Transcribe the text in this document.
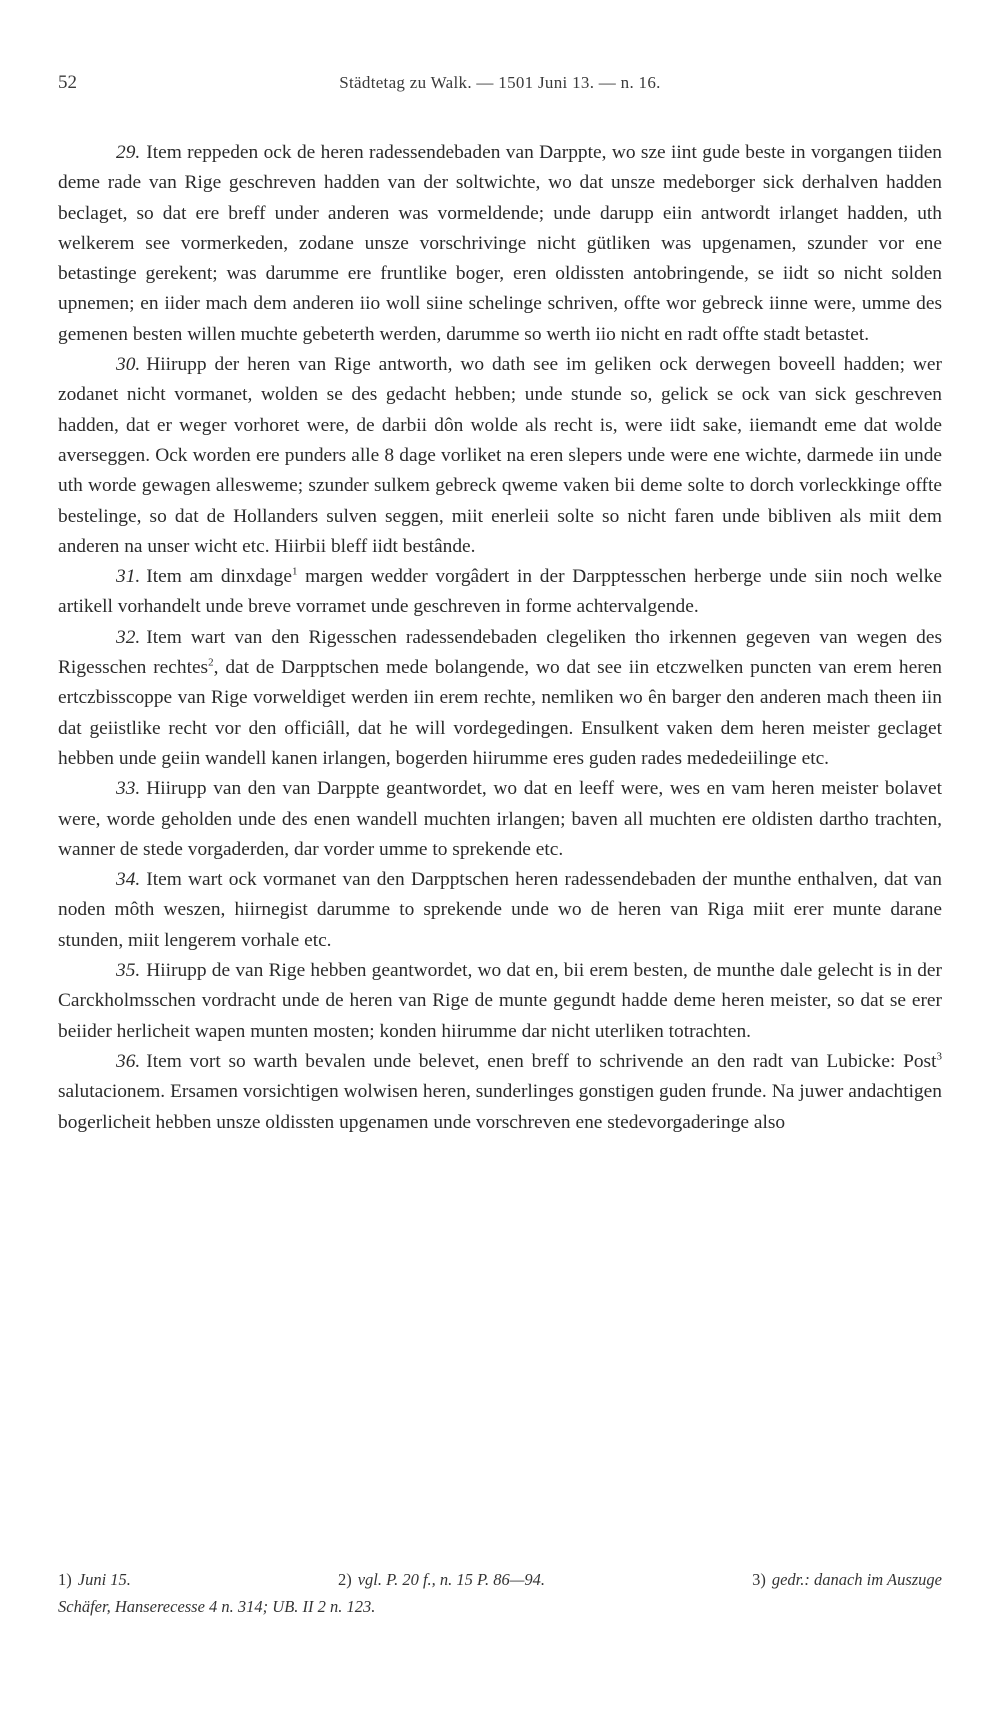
52	Städtetag zu Walk. — 1501 Juni 13. — n. 16.

29. Item reppeden ock de heren radessendebaden van Darppte, wo sze iint gude beste in vorgangen tiiden deme rade van Rige geschreven hadden van der soltwichte, wo dat unsze medeborger sick derhalven hadden beclaget, so dat ere breff under anderen was vormeldende; unde darupp eiin antwordt irlanget hadden, uth welkerem see vormerkeden, zodane unsze vorschrivinge nicht gütliken was upgenamen, szunder vor ene betastinge gerekent; was darumme ere fruntlike boger, eren oldissten antobringende, se iidt so nicht solden upnemen; en iider mach dem anderen iio woll siine schelinge schriven, offte wor gebreck iinne were, umme des gemenen besten willen muchte gebeterth werden, darumme so werth iio nicht en radt offte stadt betastet.

30. Hiirupp der heren van Rige antworth, wo dath see im geliken ock derwegen boveell hadden; wer zodanet nicht vormanet, wolden se des gedacht hebben; unde stunde so, gelick se ock van sick geschreven hadden, dat er weger vorhoret were, de darbii dôn wolde als recht is, were iidt sake, iiemandt eme dat wolde averseggen. Ock worden ere punders alle 8 dage vorliket na eren slepers unde were ene wichte, darmede iin unde uth worde gewagen allesweme; szunder sulkem gebreck qweme vaken bii deme solte to dorch vorleckkinge offte bestelinge, so dat de Hollanders sulven seggen, miit enerleii solte so nicht faren unde bibliven als miit dem anderen na unser wicht etc. Hiirbii bleff iidt bestânde.

31. Item am dinxdage$^1$ margen wedder vorgâdert in der Darpptesschen herberge unde siin noch welke artikell vorhandelt unde breve vorramet unde geschreven in forme achtervalgende.

32. Item wart van den Rigesschen radessendebaden clegeliken tho irkennen gegeven van wegen des Rigesschen rechtes$^2$, dat de Darpptschen mede bolangende, wo dat see iin etczwelken puncten van erem heren ertczbisscoppe van Rige vorweldiget werden iin erem rechte, nemliken wo ên barger den anderen mach theen iin dat geiistlike recht vor den officiâll, dat he will vordegedingen. Ensulkent vaken dem heren meister geclaget hebben unde geiin wandell kanen irlangen, bogerden hiirumme eres guden rades mededeiilinge etc.

33. Hiirupp van den van Darppte geantwordet, wo dat en leeff were, wes en vam heren meister bolavet were, worde geholden unde des enen wandell muchten irlangen; baven all muchten ere oldisten dartho trachten, wanner de stede vorgaderden, dar vorder umme to sprekende etc.

34. Item wart ock vormanet van den Darpptschen heren radessendebaden der munthe enthalven, dat van noden môth weszen, hiirnegist darumme to sprekende unde wo de heren van Riga miit erer munte darane stunden, miit lengerem vorhale etc.

35. Hiirupp de van Rige hebben geantwordet, wo dat en, bii erem besten, de munthe dale gelecht is in der Carckholmsschen vordracht unde de heren van Rige de munte gegundt hadde deme heren meister, so dat se erer beiider herlicheit wapen munten mosten; konden hiirumme dar nicht uterliken totrachten.

36. Item vort so warth bevalen unde belevet, enen breff to schrivende an den radt van Lubicke: Post$^3$ salutacionem. Ersamen vorsichtigen wolwisen heren, sunderlinges gonstigen guden frunde. Na juwer andachtigen bogerlicheit hebben unsze oldissten upgenamen unde vorschreven ene stedevorgaderinge also

1) Juni 15.	2) vgl. P. 20 f., n. 15 P. 86—94.	3) gedr.: danach im Auszuge
Schäfer, Hanserecesse 4 n. 314; UB. II 2 n. 123.
